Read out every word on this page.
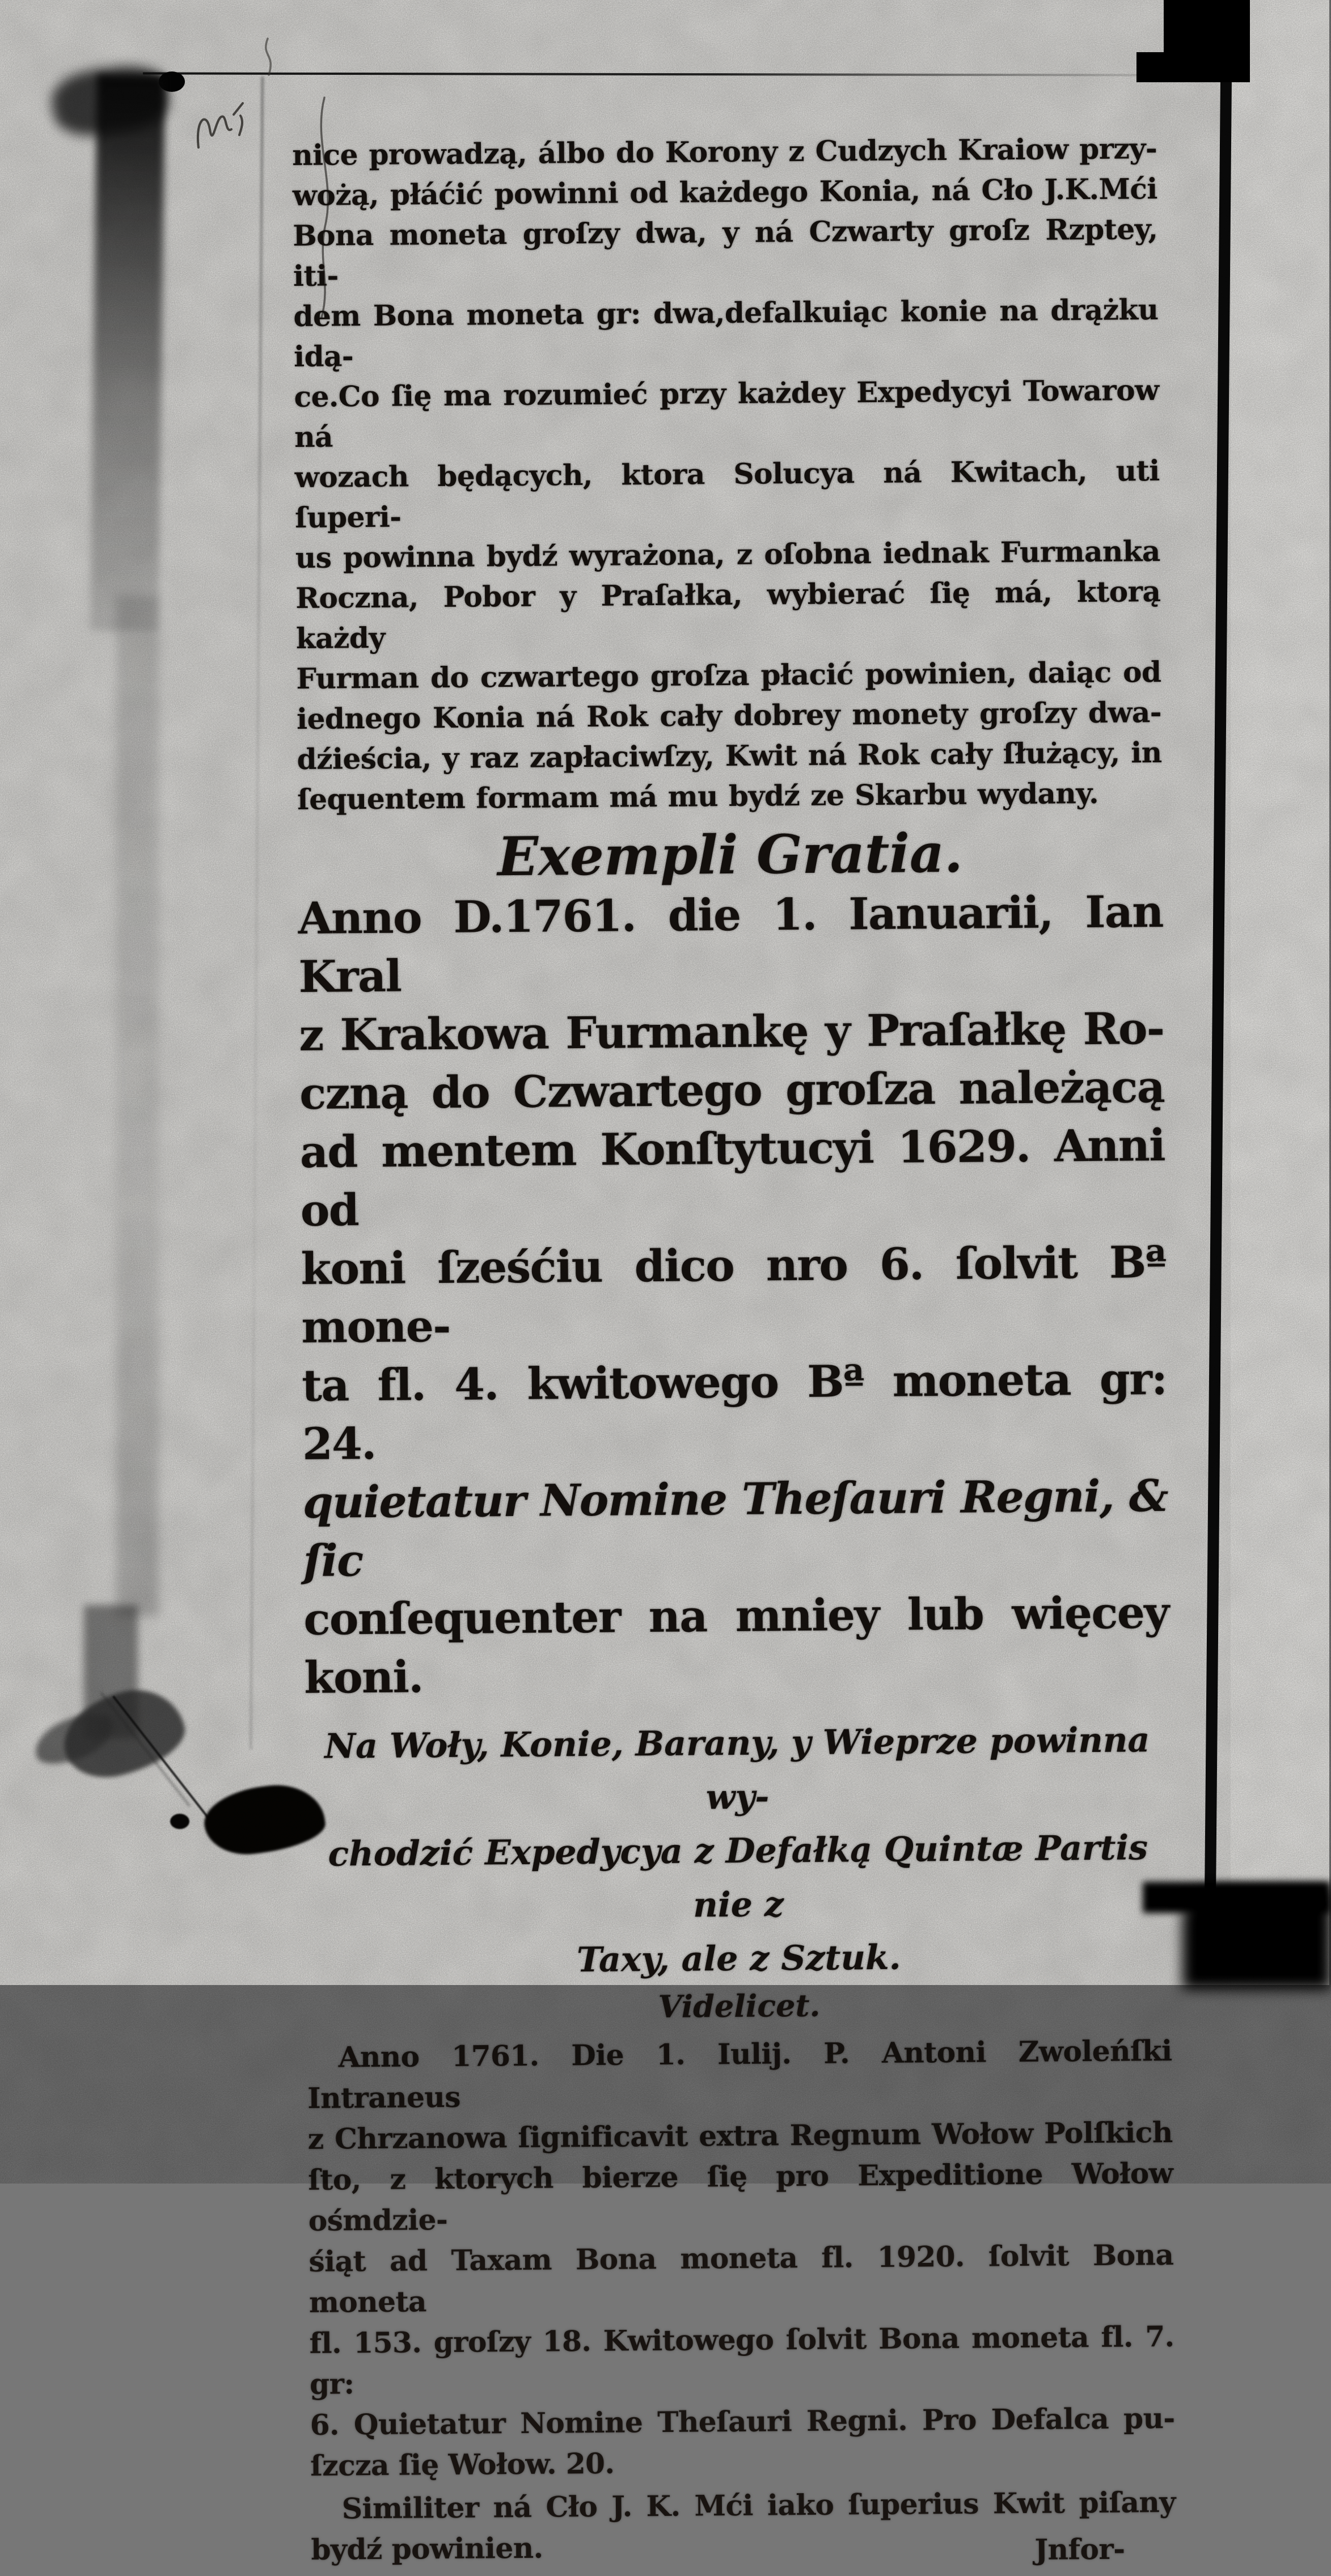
nice prowadzą, álbo do Korony z Cudzych Kraiow przy-
wożą, płáćić powinni od każdego Konia, ná Cło J.K.Mći
Bona moneta groſzy dwa, y ná Czwarty groſz Rzptey, iti-
dem Bona moneta gr: dwa,defalkuiąc konie na drążku idą-
ce.Co ſię ma rozumieć przy każdey Expedycyi Towarow ná
wozach będących, ktora Solucya ná Kwitach, uti ſuperi-
us powinna bydź wyrażona, z oſobna iednak Furmanka
Roczna, Pobor y Praſałka, wybierać ſię má, ktorą każdy
Furman do czwartego groſza płacić powinien, daiąc od
iednego Konia ná Rok cały dobrey monety groſzy dwa-
dźieścia, y raz zapłaciwſzy, Kwit ná Rok cały ſłużący, in
ſequentem formam má mu bydź ze Skarbu wydany.
Exempli Gratia.
Anno D.1761. die 1. Ianuarii, Ian Kral
z Krakowa Furmankę y Praſałkę Ro-
czną do Czwartego groſza należącą
ad mentem Konſtytucyi 1629. Anni od
koni ſześćiu dico nro 6. ſolvit Bª mone-
ta fl. 4. kwitowego Bª moneta gr: 24.
quietatur Nomine Theſauri Regni, & ſic
conſequenter na mniey lub więcey
koni.
Na Woły, Konie, Barany, y Wieprze powinna wy-
chodzić Expedycya z Defałką Quintæ Partis nie z
Taxy, ale z Sztuk.
Videlicet.
Anno 1761. Die 1. Iulij. P. Antoni Zwoleńſki Intraneus
z Chrzanowa ſignificavit extra Regnum Wołow Polſkich
ſto, z ktorych bierze ſię pro Expeditione Wołow ośmdzie-
śiąt ad Taxam Bona moneta fl. 1920. ſolvit Bona moneta
fl. 153. groſzy 18. Kwitowego ſolvit Bona moneta fl. 7. gr:
6. Quietatur Nomine Theſauri Regni. Pro Defalca pu-
ſzcza ſię Wołow. 20.
Similiter ná Cło J. K. Mći iako ſuperius Kwit piſany
bydź powinien.	Jnfor-
